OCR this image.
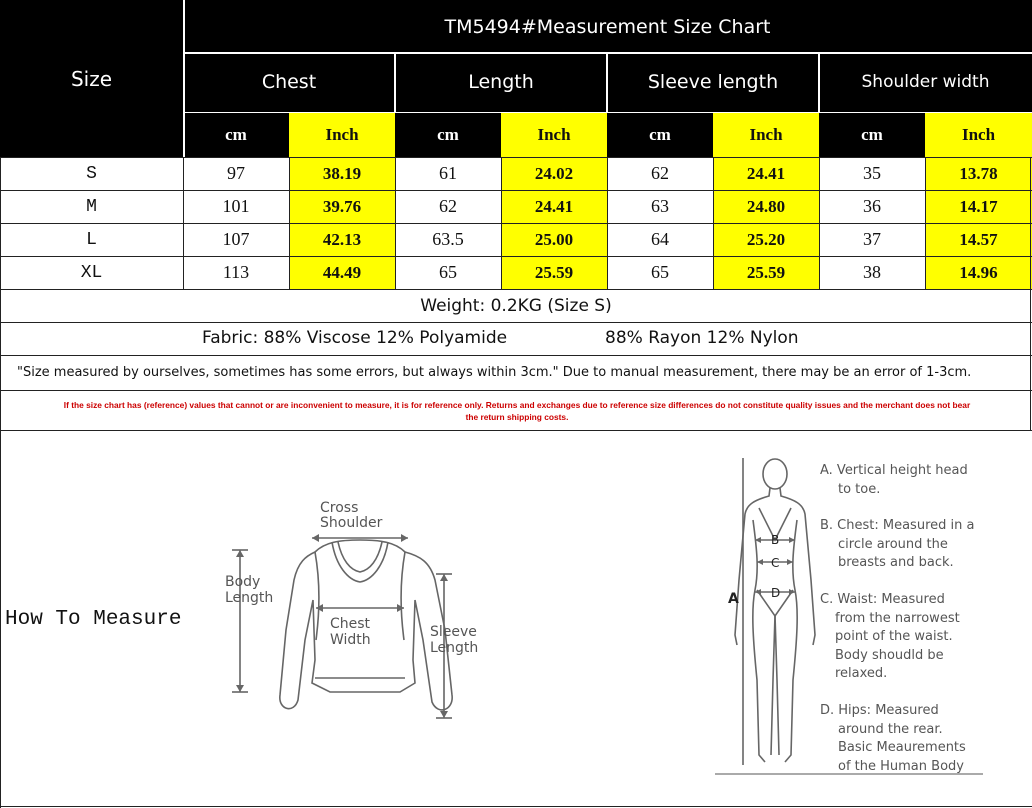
Size
TM5494#Measurement Size Chart
Chest	Length	Sleeve length	Shoulder width
cm	Inch	cm	Inch	cm	Inch	cm	Inch
S	97	38.19	61	24.02	62	24.41	35	13.78
M	101	39.76	62	24.41	63	24.80	36	14.17
L	107	42.13	63.5	25.00	64	25.20	37	14.57
XL	113	44.49	65	25.59	65	25.59	38	14.96
Weight: 0.2KG (Size S)
Fabric: 88% Viscose 12% Polyamide	88% Rayon 12% Nylon
"Size measured by ourselves, sometimes has some errors, but always within 3cm." Due to manual measurement, there may be an error of 1-3cm.
If the size chart has (reference) values that cannot or are inconvenient to measure, it is for reference only. Returns and exchanges due to reference size differences do not constitute quality issues and the merchant does not bear
the return shipping costs.
How To Measure
Cross
Shoulder
Body
Length
Chest
Width	Sleeve
Length
A
B
C
D
A. Vertical height head
to toe.
B. Chest: Measured in a
circle around the
breasts and back.
C. Waist: Measured
from the narrowest
point of the waist.
Body shoudld be
relaxed.
D. Hips: Measured
around the rear.
Basic Meaurements
of the Human Body
